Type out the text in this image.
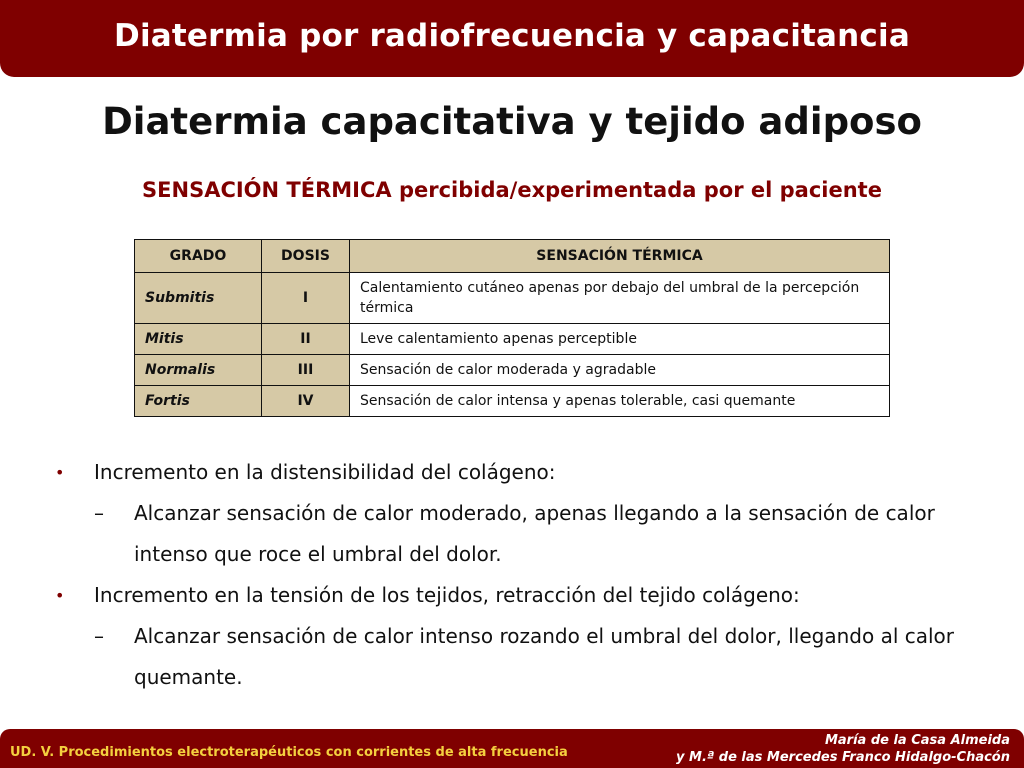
Diatermia por radiofrecuencia y capacitancia
Diatermia capacitativa y tejido adiposo
SENSACIÓN TÉRMICA percibida/experimentada por el paciente
GRADO	DOSIS	SENSACIÓN TÉRMICA
Submitis	I	Calentamiento cutáneo apenas por debajo del umbral de la percepción térmica
Mitis	II	Leve calentamiento apenas perceptible
Normalis	III	Sensación de calor moderada y agradable
Fortis	IV	Sensación de calor intensa y apenas tolerable, casi quemante
• Incremento en la distensibilidad del colágeno:
– Alcanzar sensación de calor moderado, apenas llegando a la sensación de calor intenso que roce el umbral del dolor.
• Incremento en la tensión de los tejidos, retracción del tejido colágeno:
– Alcanzar sensación de calor intenso rozando el umbral del dolor, llegando al calor quemante.
UD. V. Procedimientos electroterapéuticos con corrientes de alta frecuencia
María de la Casa Almeida
y M.ª de las Mercedes Franco Hidalgo-Chacón
